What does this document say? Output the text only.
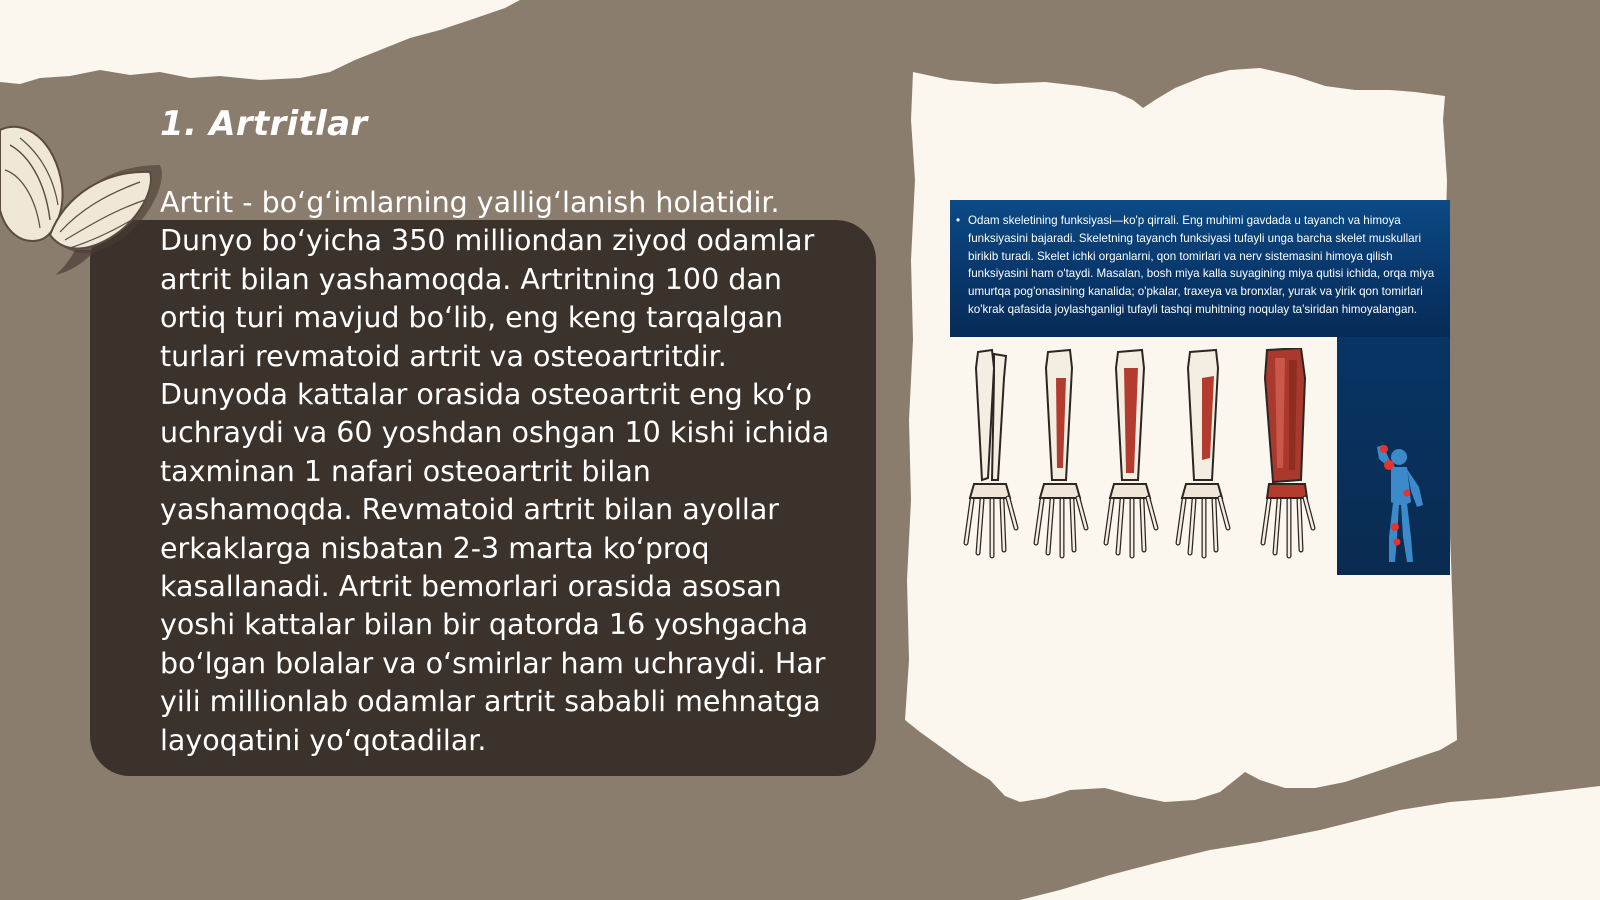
1. Artritlar

Artrit - bo‘g‘imlarning yallig‘lanish holatidir. Dunyo bo‘yicha 350 milliondan ziyod odamlar artrit bilan yashamoqda. Artritning 100 dan ortiq turi mavjud bo‘lib, eng keng tarqalgan turlari revmatoid artrit va osteoartritdir. Dunyoda kattalar orasida osteoartrit eng ko‘p uchraydi va 60 yoshdan oshgan 10 kishi ichida taxminan 1 nafari osteoartrit bilan yashamoqda. Revmatoid artrit bilan ayollar erkaklarga nisbatan 2-3 marta ko‘proq kasallanadi. Artrit bemorlari orasida asosan yoshi kattalar bilan bir qatorda 16 yoshgacha bo‘lgan bolalar va o‘smirlar ham uchraydi. Har yili millionlab odamlar artrit sababli mehnatga layoqatini yo‘qotadilar.

• Odam skeletining funksiyasi—ko'p qirrali. Eng muhimi gavdada u tayanch va himoya funksiyasini bajaradi. Skeletning tayanch funksiyasi tufayli unga barcha skelet muskullari birikib turadi. Skelet ichki organlarni, qon tomirlari va nerv sistemasini himoya qilish funksiyasini ham o'taydi. Masalan, bosh miya kalla suyagining miya qutisi ichida, orqa miya umurtqa pog'onasining kanalida; o'pkalar, traxeya va bronxlar, yurak va yirik qon tomirlari ko'krak qafasida joylashganligi tufayli tashqi muhitning noqulay ta'siridan himoyalangan.
